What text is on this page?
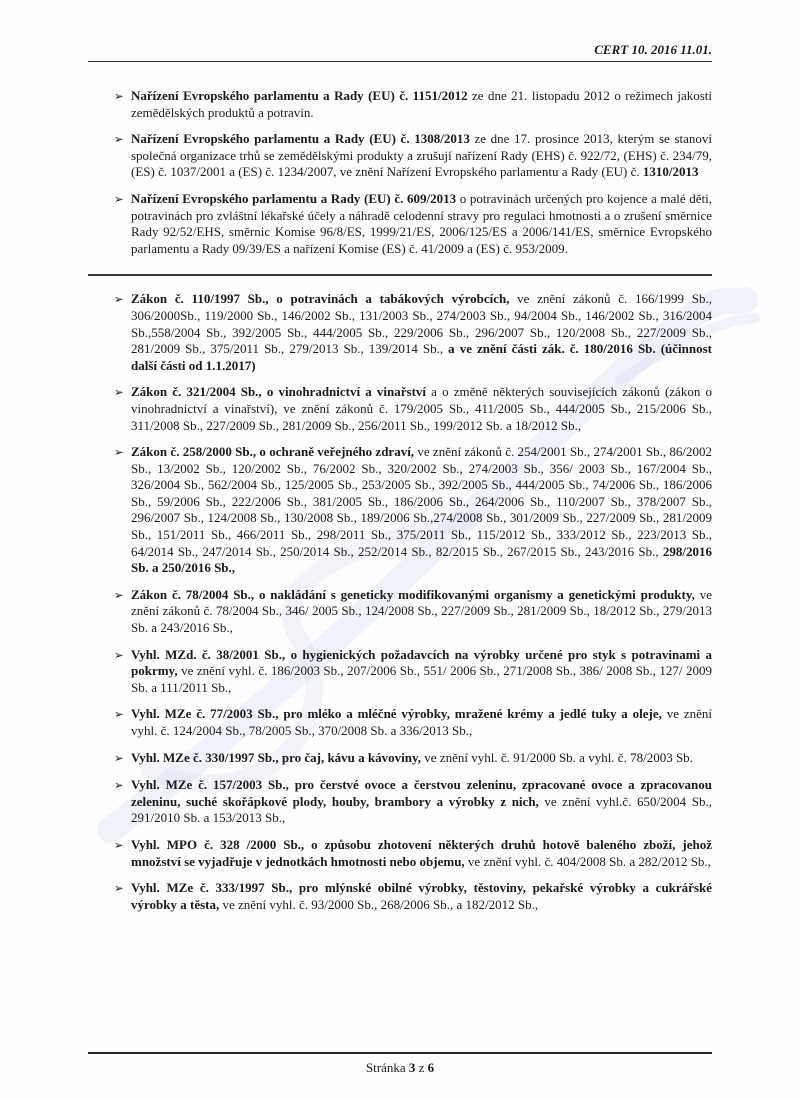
CERT 10. 2016 11.01.
➢ Nařízení Evropského parlamentu a Rady (EU) č. 1151/2012 ze dne 21. listopadu 2012 o režimech jakosti zemědělských produktů a potravin.

➢ Nařízení Evropského parlamentu a Rady (EU) č. 1308/2013 ze dne 17. prosince 2013, kterým se stanoví společná organizace trhů se zemědělskými produkty a zrušují nařízení Rady (EHS) č. 922/72, (EHS) č. 234/79, (ES) č. 1037/2001 a (ES) č. 1234/2007, ve znění Nařízení Evropského parlamentu a Rady (EU) č. 1310/2013

➢ Nařízení Evropského parlamentu a Rady (EU) č. 609/2013 o potravinách určených pro kojence a malé děti, potravinách pro zvláštní lékařské účely a náhradě celodenní stravy pro regulaci hmotnosti a o zrušení směrnice Rady 92/52/EHS, směrnic Komise 96/8/ES, 1999/21/ES, 2006/125/ES a 2006/141/ES, směrnice Evropského parlamentu a Rady 09/39/ES a nařízení Komise (ES) č. 41/2009 a (ES) č. 953/2009.

➢ Zákon č. 110/1997 Sb., o potravinách a tabákových výrobcích, ve znění zákonů č. 166/1999 Sb., 306/2000Sb., 119/2000 Sb., 146/2002 Sb., 131/2003 Sb., 274/2003 Sb., 94/2004 Sb., 146/2002 Sb., 316/2004 Sb.,558/2004 Sb., 392/2005 Sb., 444/2005 Sb., 229/2006 Sb., 296/2007 Sb., 120/2008 Sb., 227/2009 Sb., 281/2009 Sb., 375/2011 Sb., 279/2013 Sb., 139/2014 Sb., a ve znění části zák. č. 180/2016 Sb. (účinnost další části od 1.1.2017)

➢ Zákon č. 321/2004 Sb., o vinohradnictví a vinařství a o změně některých souvisejících zákonů (zákon o vinohradnictví a vinařství), ve znění zákonů č. 179/2005 Sb., 411/2005 Sb., 444/2005 Sb., 215/2006 Sb., 311/2008 Sb., 227/2009 Sb., 281/2009 Sb., 256/2011 Sb., 199/2012 Sb. a 18/2012 Sb.,

➢ Zákon č. 258/2000 Sb., o ochraně veřejného zdraví, ve znění zákonů č. 254/2001 Sb., 274/2001 Sb., 86/2002 Sb., 13/2002 Sb., 120/2002 Sb., 76/2002 Sb., 320/2002 Sb., 274/2003 Sb., 356/ 2003 Sb., 167/2004 Sb., 326/2004 Sb., 562/2004 Sb., 125/2005 Sb., 253/2005 Sb., 392/2005 Sb., 444/2005 Sb., 74/2006 Sb., 186/2006 Sb., 59/2006 Sb., 222/2006 Sb., 381/2005 Sb., 186/2006 Sb., 264/2006 Sb., 110/2007 Sb., 378/2007 Sb., 296/2007 Sb., 124/2008 Sb., 130/2008 Sb., 189/2006 Sb.,274/2008 Sb., 301/2009 Sb., 227/2009 Sb., 281/2009 Sb., 151/2011 Sb., 466/2011 Sb., 298/2011 Sb., 375/2011 Sb., 115/2012 Sb., 333/2012 Sb., 223/2013 Sb., 64/2014 Sb., 247/2014 Sb., 250/2014 Sb., 252/2014 Sb., 82/2015 Sb., 267/2015 Sb., 243/2016 Sb., 298/2016 Sb. a 250/2016 Sb.,

➢ Zákon č. 78/2004 Sb., o nakládání s geneticky modifikovanými organismy a genetickými produkty, ve znění zákonů č. 78/2004 Sb., 346/ 2005 Sb., 124/2008 Sb., 227/2009 Sb., 281/2009 Sb., 18/2012 Sb., 279/2013 Sb. a 243/2016 Sb.,

➢ Vyhl. MZd. č. 38/2001 Sb., o hygienických požadavcích na výrobky určené pro styk s potravinami a pokrmy, ve znění vyhl. č. 186/2003 Sb., 207/2006 Sb., 551/ 2006 Sb., 271/2008 Sb., 386/ 2008 Sb., 127/ 2009 Sb. a 111/2011 Sb.,

➢ Vyhl. MZe č. 77/2003 Sb., pro mléko a mléčné výrobky, mražené krémy a jedlé tuky a oleje, ve znění vyhl. č. 124/2004 Sb., 78/2005 Sb., 370/2008 Sb. a 336/2013 Sb.,

➢ Vyhl. MZe č. 330/1997 Sb., pro čaj, kávu a kávoviny, ve znění vyhl. č. 91/2000 Sb. a vyhl. č. 78/2003 Sb.

➢ Vyhl. MZe č. 157/2003 Sb., pro čerstvé ovoce a čerstvou zeleninu, zpracované ovoce a zpracovanou zeleninu, suché skořápkové plody, houby, brambory a výrobky z nich, ve znění vyhl.č. 650/2004 Sb., 291/2010 Sb. a 153/2013 Sb.,

➢ Vyhl. MPO č. 328 /2000 Sb., o způsobu zhotovení některých druhů hotově baleného zboží, jehož množství se vyjadřuje v jednotkách hmotnosti nebo objemu, ve znění vyhl. č. 404/2008 Sb. a 282/2012 Sb.,

➢ Vyhl. MZe č. 333/1997 Sb., pro mlýnské obilné výrobky, těstoviny, pekařské výrobky a cukrářské výrobky a těsta, ve znění vyhl. č. 93/2000 Sb., 268/2006 Sb., a 182/2012 Sb.,

Stránka 3 z 6
